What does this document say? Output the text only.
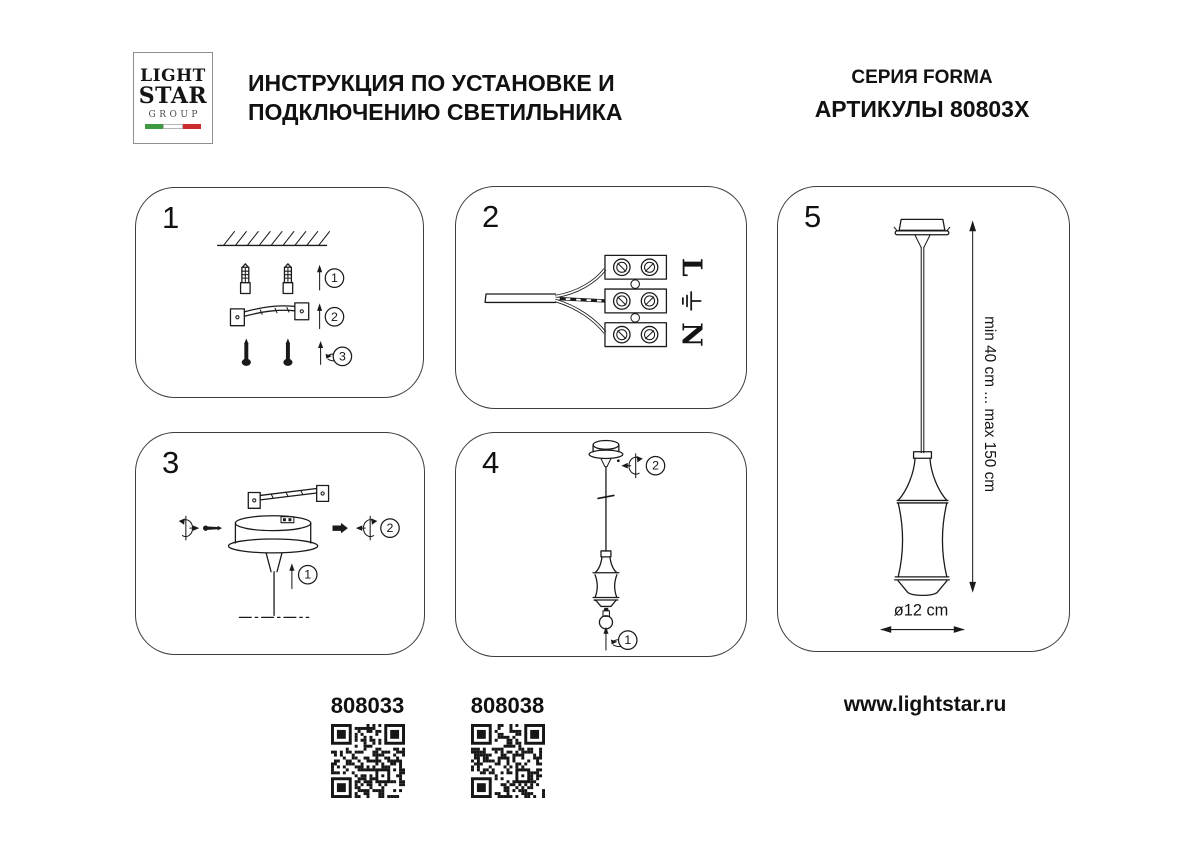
LIGHT
STAR
GROUP
ИНСТРУКЦИЯ ПО УСТАНОВКЕ И
ПОДКЛЮЧЕНИЮ СВЕТИЛЬНИКА
СЕРИЯ FORMA
АРТИКУЛЫ 80803X
1
2
3
1
L
N
2
1
2
3	2
1
4	min 40 cm ... max 150 cm
ø12 cm
5
808033	808038	www.lightstar.ru
